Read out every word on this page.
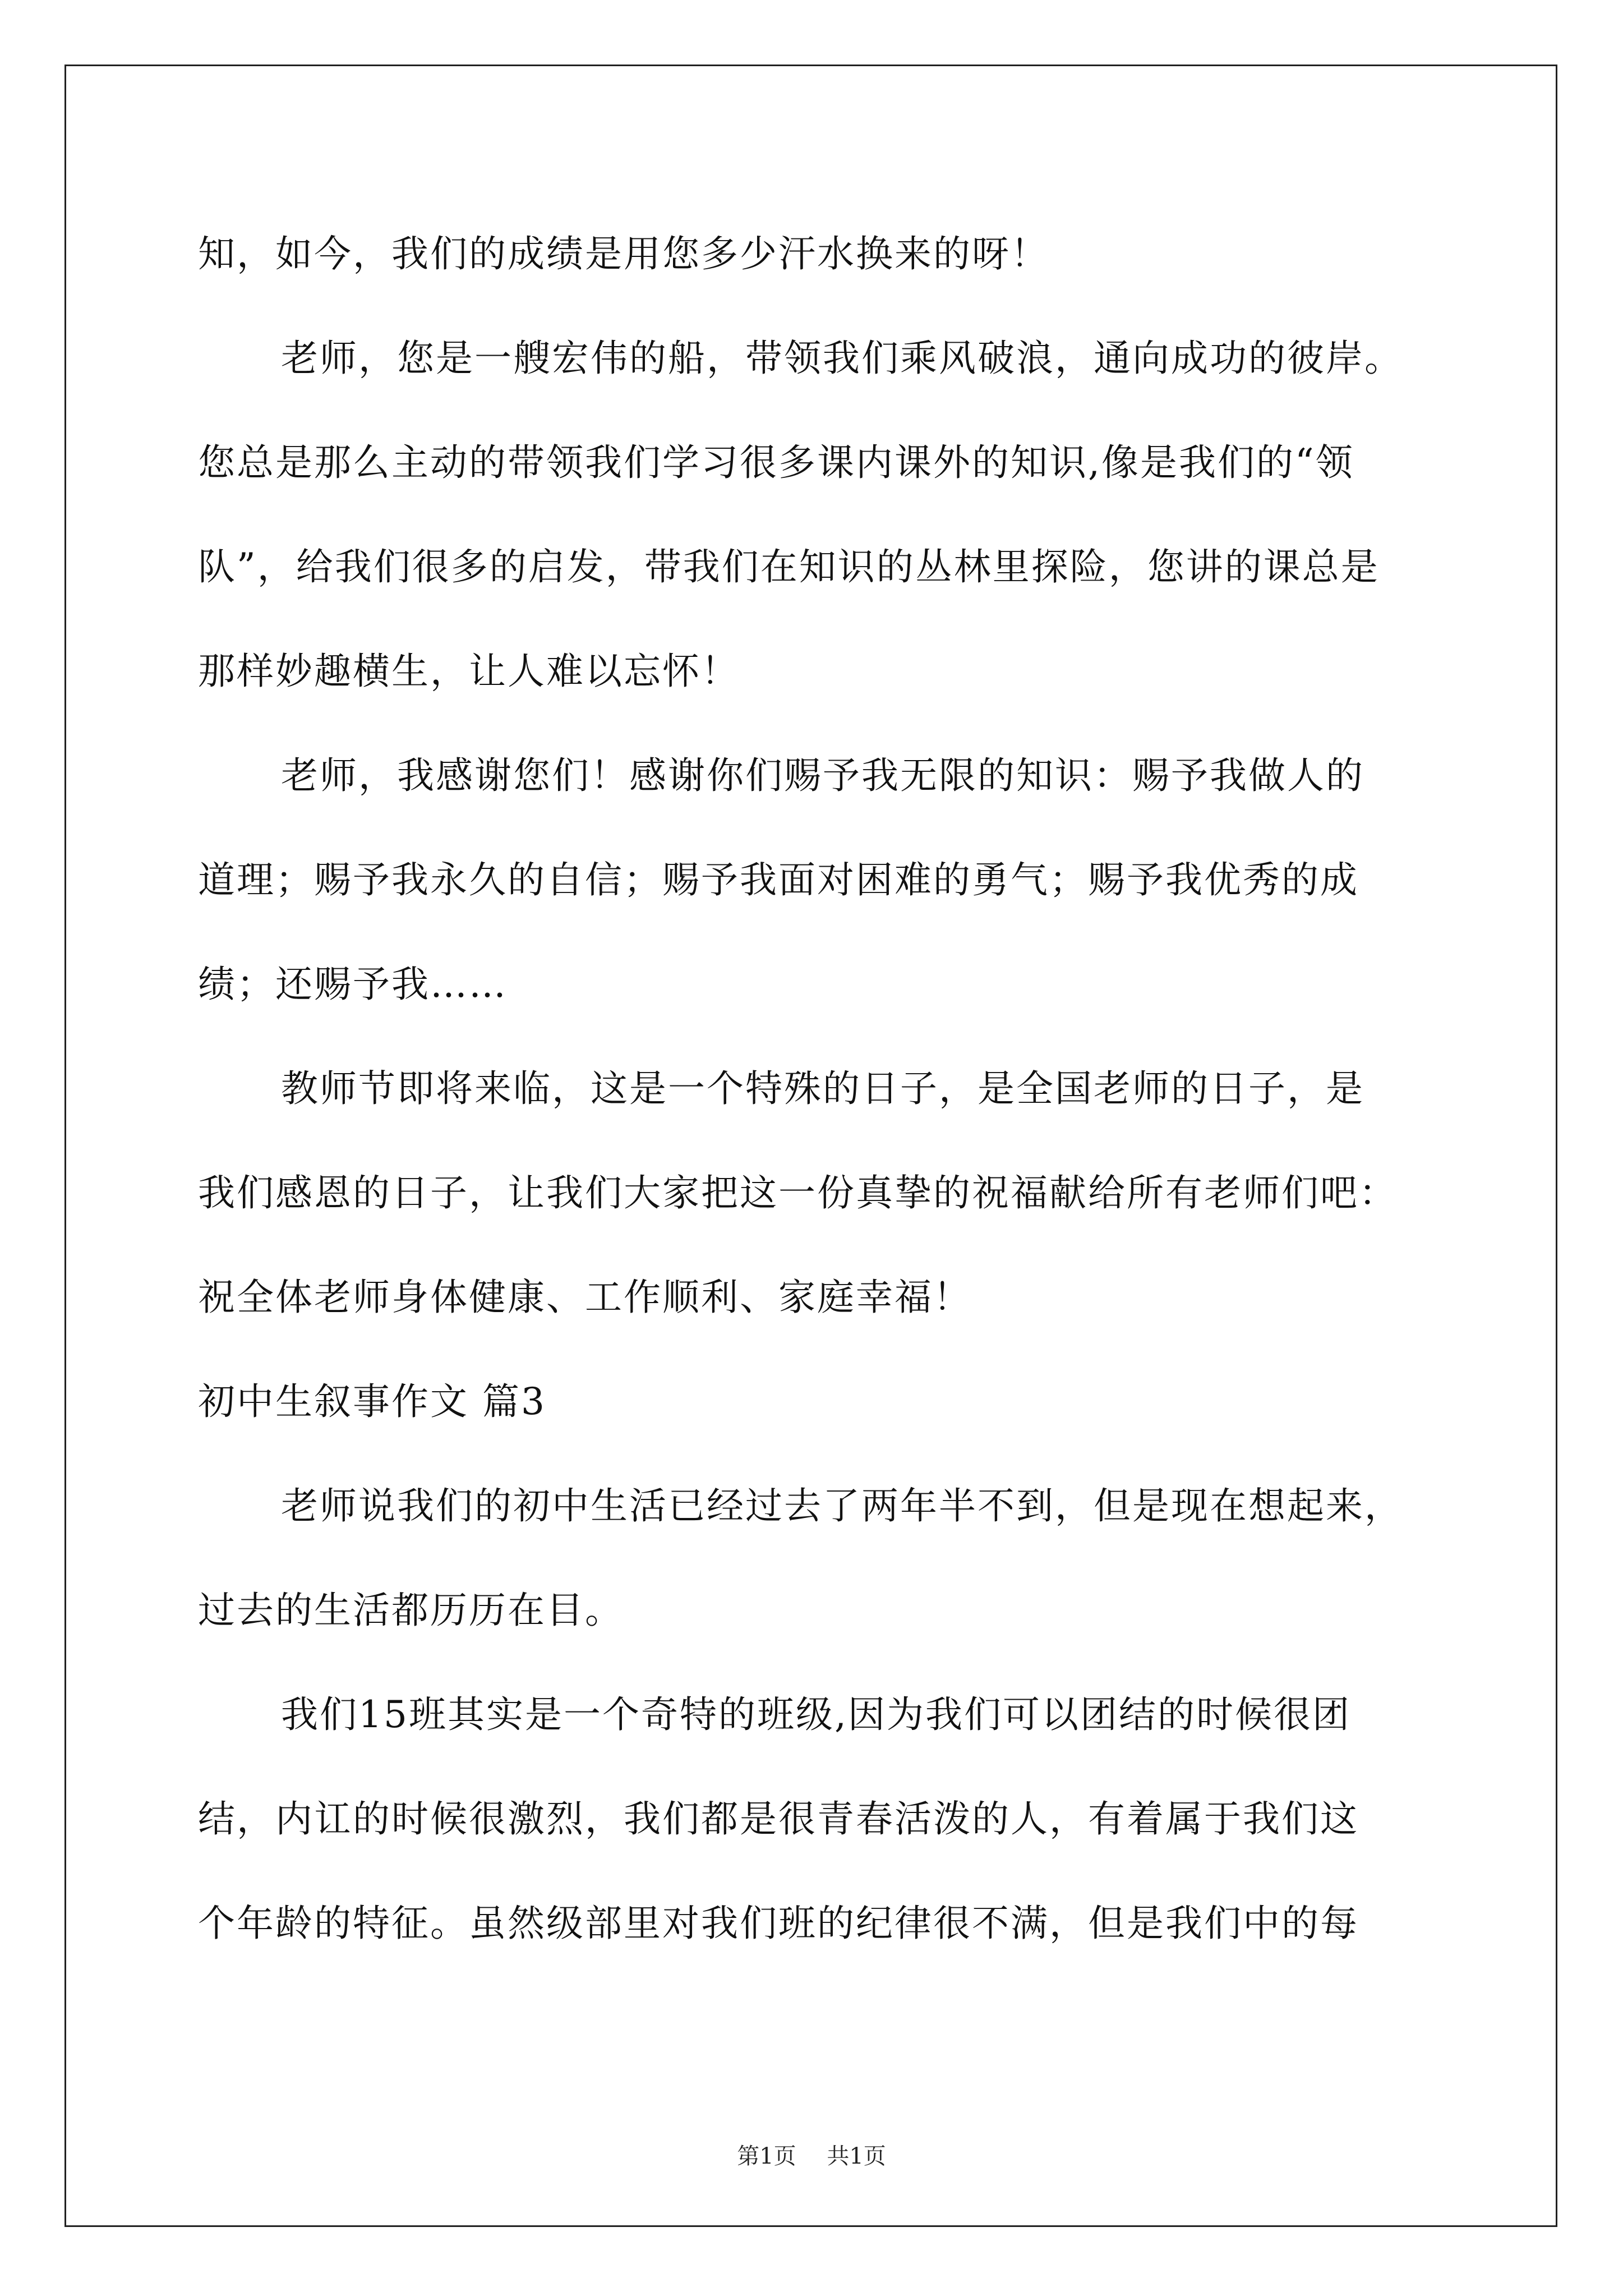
知，如今，我们的成绩是用您多少汗水换来的呀！
老师，您是一艘宏伟的船，带领我们乘风破浪，通向成功的彼岸。
您总是那么主动的带领我们学习很多课内课外的知识,像是我们的“领
队”，给我们很多的启发，带我们在知识的丛林里探险，您讲的课总是
那样妙趣横生，让人难以忘怀！
老师，我感谢您们！感谢你们赐予我无限的知识：赐予我做人的
道理；赐予我永久的自信；赐予我面对困难的勇气；赐予我优秀的成
绩；还赐予我……
教师节即将来临，这是一个特殊的日子，是全国老师的日子，是
我们感恩的日子，让我们大家把这一份真挚的祝福献给所有老师们吧：
祝全体老师身体健康、工作顺利、家庭幸福！
初中生叙事作文 篇3
老师说我们的初中生活已经过去了两年半不到，但是现在想起来，
过去的生活都历历在目。
我们15班其实是一个奇特的班级,因为我们可以团结的时候很团
结，内讧的时候很激烈，我们都是很青春活泼的人，有着属于我们这
个年龄的特征。虽然级部里对我们班的纪律很不满，但是我们中的每
第1页 共1页
